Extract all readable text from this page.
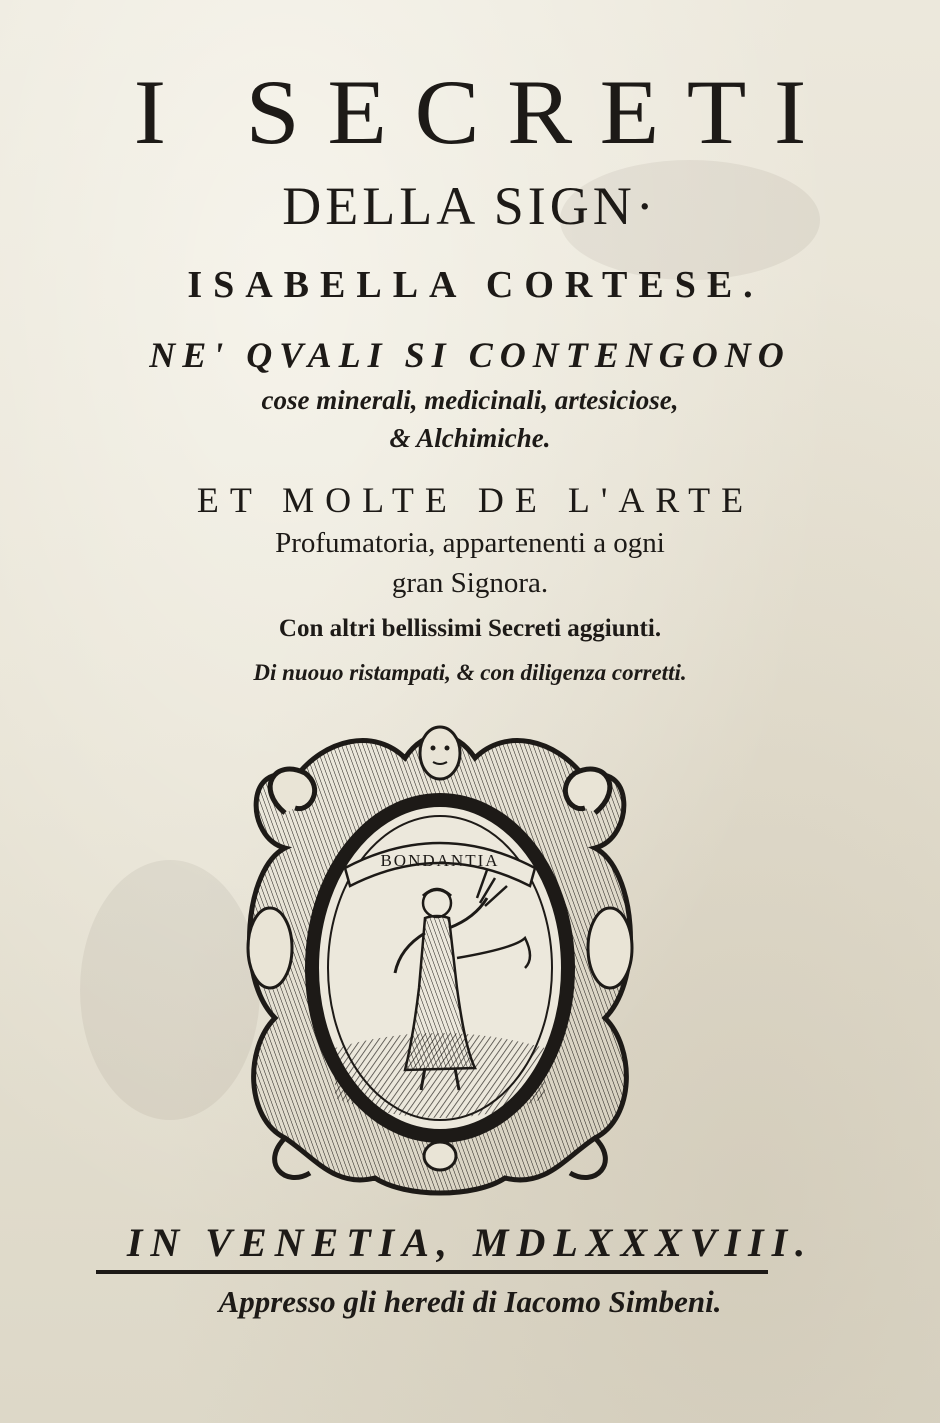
I SECRETI
DELLA SIGN·
ISABELLA CORTESE.
NE' QVALI SI CONTENGONO
cose minerali, medicinali, artesiciose,
& Alchimiche.
ET MOLTE DE L'ARTE
Profumatoria, appartenenti a ogni
gran Signora.
Con altri bellissimi Secreti aggiunti.
Di nuouo ristampati, & con diligenza corretti.
BONDANTIA
IN VENETIA, MDLXXXVIII.
Appresso gli heredi di Iacomo Simbeni.
